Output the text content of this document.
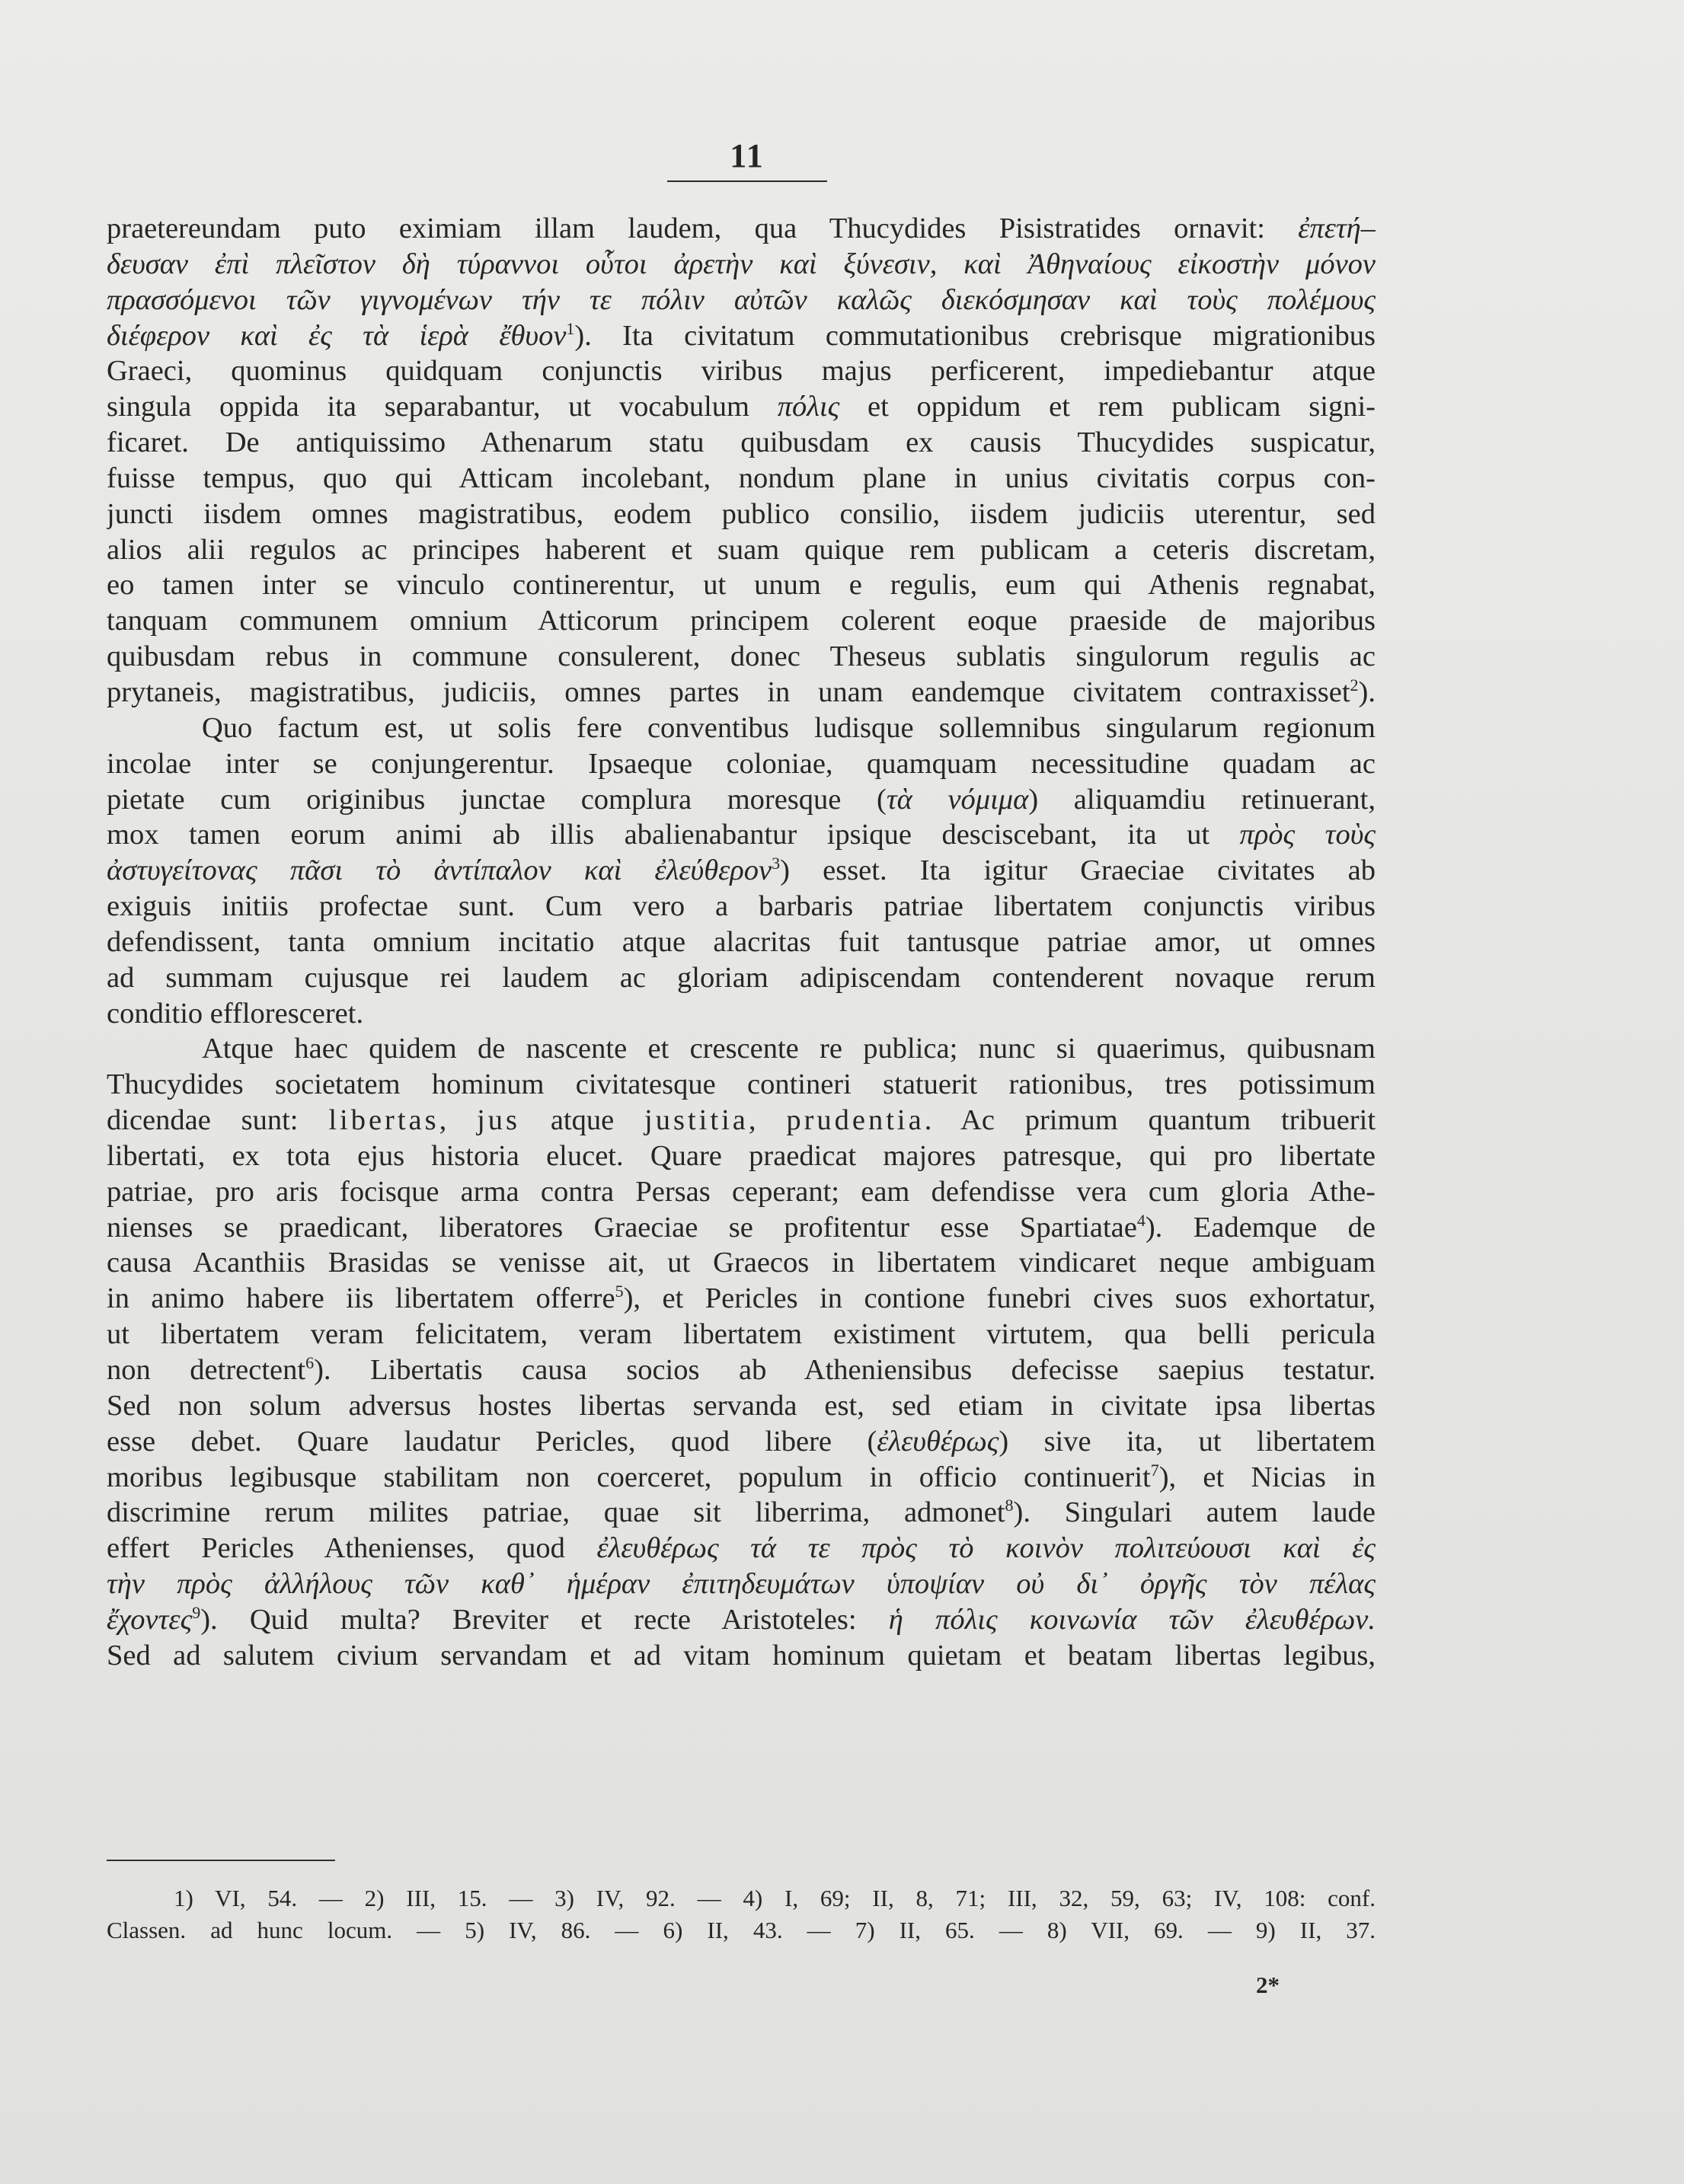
11
praetereundam puto eximiam illam laudem, qua Thucydides Pisistratides ornavit: ἐπετή–
δευσαν ἐπὶ πλεῖστον δὴ τύραννοι οὗτοι ἀρετὴν καὶ ξύνεσιν, καὶ Ἀθηναίους εἰκοστὴν μόνον
πρασσόμενοι τῶν γιγνομένων τήν τε πόλιν αὐτῶν καλῶς διεκόσμησαν καὶ τοὺς πολέμους
διέφερον καὶ ἐς τὰ ἱερὰ ἔθυον$^1$). Ita civitatum commutationibus crebrisque migrationibus
Graeci, quominus quidquam conjunctis viribus majus perficerent, impediebantur atque
singula oppida ita separabantur, ut vocabulum πόλις et oppidum et rem publicam signi-
ficaret. De antiquissimo Athenarum statu quibusdam ex causis Thucydides suspicatur,
fuisse tempus, quo qui Atticam incolebant, nondum plane in unius civitatis corpus con-
juncti iisdem omnes magistratibus, eodem publico consilio, iisdem judiciis uterentur, sed
alios alii regulos ac principes haberent et suam quique rem publicam a ceteris discretam,
eo tamen inter se vinculo continerentur, ut unum e regulis, eum qui Athenis regnabat,
tanquam communem omnium Atticorum principem colerent eoque praeside de majoribus
quibusdam rebus in commune consulerent, donec Theseus sublatis singulorum regulis ac
prytaneis, magistratibus, judiciis, omnes partes in unam eandemque civitatem contraxisset$^2$).
Quo factum est, ut solis fere conventibus ludisque sollemnibus singularum regionum
incolae inter se conjungerentur. Ipsaeque coloniae, quamquam necessitudine quadam ac
pietate cum originibus junctae complura moresque (τὰ νόμιμα) aliquamdiu retinuerant,
mox tamen eorum animi ab illis abalienabantur ipsique desciscebant, ita ut πρὸς τοὺς
ἀστυγείτονας πᾶσι τὸ ἀντίπαλον καὶ ἐλεύθερον$^3$) esset. Ita igitur Graeciae civitates ab
exiguis initiis profectae sunt. Cum vero a barbaris patriae libertatem conjunctis viribus
defendissent, tanta omnium incitatio atque alacritas fuit tantusque patriae amor, ut omnes
ad summam cujusque rei laudem ac gloriam adipiscendam contenderent novaque rerum
conditio effloresceret.
Atque haec quidem de nascente et crescente re publica; nunc si quaerimus, quibusnam
Thucydides societatem hominum civitatesque contineri statuerit rationibus, tres potissimum
dicendae sunt: libertas, jus atque justitia, prudentia. Ac primum quantum tribuerit
libertati, ex tota ejus historia elucet. Quare praedicat majores patresque, qui pro libertate
patriae, pro aris focisque arma contra Persas ceperant; eam defendisse vera cum gloria Athe-
nienses se praedicant, liberatores Graeciae se profitentur esse Spartiatae$^4$). Eademque de
causa Acanthiis Brasidas se venisse ait, ut Graecos in libertatem vindicaret neque ambiguam
in animo habere iis libertatem offerre$^5$), et Pericles in contione funebri cives suos exhortatur,
ut libertatem veram felicitatem, veram libertatem existiment virtutem, qua belli pericula
non detrectent$^6$). Libertatis causa socios ab Atheniensibus defecisse saepius testatur.
Sed non solum adversus hostes libertas servanda est, sed etiam in civitate ipsa libertas
esse debet. Quare laudatur Pericles, quod libere (ἐλευθέρως) sive ita, ut libertatem
moribus legibusque stabilitam non coerceret, populum in officio continuerit$^7$), et Nicias in
discrimine rerum milites patriae, quae sit liberrima, admonet$^8$). Singulari autem laude
effert Pericles Athenienses, quod ἐλευθέρως τά τε πρὸς τὸ κοινὸν πολιτεύουσι καὶ ἐς
τὴν πρὸς ἀλλήλους τῶν καθ᾽ ἡμέραν ἐπιτηδευμάτων ὑποψίαν οὐ δι᾽ ὀργῆς τὸν πέλας
ἔχοντες$^9$). Quid multa? Breviter et recte Aristoteles: ἡ πόλις κοινωνία τῶν ἐλευθέρων.
Sed ad salutem civium servandam et ad vitam hominum quietam et beatam libertas legibus,
1) VI, 54. — 2) III, 15. — 3) IV, 92. — 4) I, 69; II, 8, 71; III, 32, 59, 63; IV, 108: conf.
Classen. ad hunc locum. — 5) IV, 86. — 6) II, 43. — 7) II, 65. — 8) VII, 69. — 9) II, 37.
2*
